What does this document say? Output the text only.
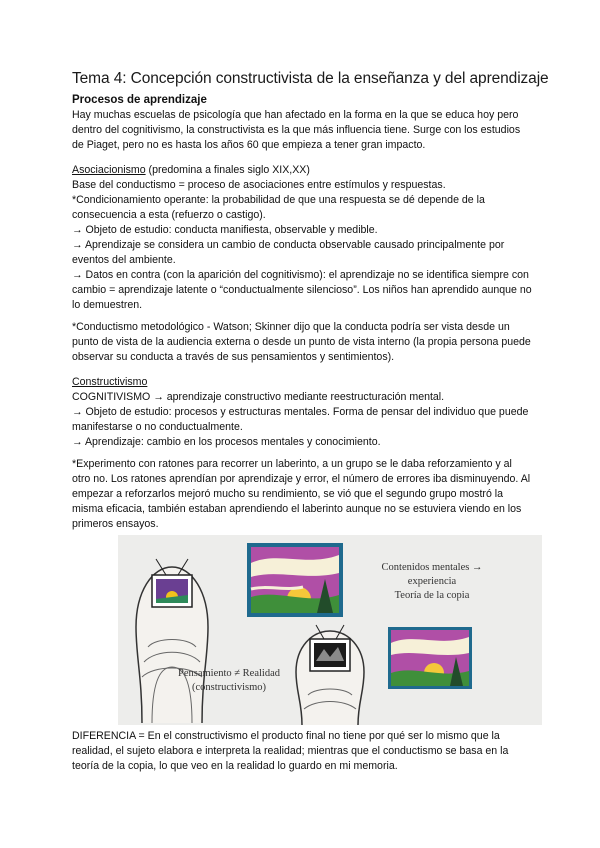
Tema 4: Concepción constructivista de la enseñanza y del aprendizaje
Procesos de aprendizaje

Hay muchas escuelas de psicología que han afectado en la forma en la que se educa hoy pero dentro del cognitivismo, la constructivista es la que más influencia tiene. Surge con los estudios de Piaget, pero no es hasta los años 60 que empieza a tener gran impacto.

Asociacionismo (predomina a finales siglo XIX,XX)

Base del conductismo = proceso de asociaciones entre estímulos y respuestas.

*Condicionamiento operante: la probabilidad de que una respuesta se dé depende de la consecuencia a esta (refuerzo o castigo).

→ Objeto de estudio: conducta manifiesta, observable y medible.

→ Aprendizaje se considera un cambio de conducta observable causado principalmente por eventos del ambiente.

→ Datos en contra (con la aparición del cognitivismo): el aprendizaje no se identifica siempre con cambio = aprendizaje latente o “conductualmente silencioso”. Los niños han aprendido aunque no lo demuestren.

*Conductismo metodológico - Watson; Skinner dijo que la conducta podría ser vista desde un punto de vista de la audiencia externa o desde un punto de vista interno (la propia persona puede observar su conducta a través de sus pensamientos y sentimientos).

Constructivismo

COGNITIVISMO → aprendizaje constructivo mediante reestructuración mental.

→ Objeto de estudio: procesos y estructuras mentales. Forma de pensar del individuo que puede manifestarse o no conductualmente.

→ Aprendizaje: cambio en los procesos mentales y conocimiento.

*Experimento con ratones para recorrer un laberinto, a un grupo se le daba reforzamiento y al otro no. Los ratones aprendían por aprendizaje y error, el número de errores iba disminuyendo. Al empezar a reforzarlos mejoró mucho su rendimiento, se vió que el segundo grupo mostró la misma eficacia, también estaban aprendiendo el laberinto aunque no se estuviera viendo en los primeros ensayos.

Contenidos mentales → experiencia
Teoría de la copia
Pensamiento ≠ Realidad
(constructivismo)

DIFERENCIA = En el constructivismo el producto final no tiene por qué ser lo mismo que la realidad, el sujeto elabora e interpreta la realidad; mientras que el conductismo se basa en la teoría de la copia, lo que veo en la realidad lo guardo en mi memoria.
